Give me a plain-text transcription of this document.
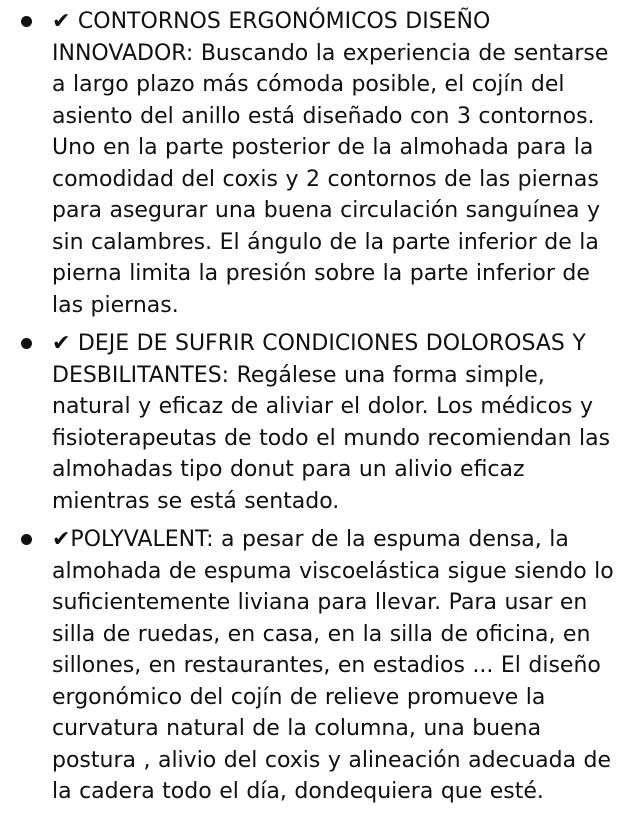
✔ CONTORNOS ERGONÓMICOS DISEÑO INNOVADOR: Buscando la experiencia de sentarse a largo plazo más cómoda posible, el cojín del asiento del anillo está diseñado con 3 contornos. Uno en la parte posterior de la almohada para la comodidad del coxis y 2 contornos de las piernas para asegurar una buena circulación sanguínea y sin calambres. El ángulo de la parte inferior de la pierna limita la presión sobre la parte inferior de las piernas.
✔ DEJE DE SUFRIR CONDICIONES DOLOROSAS Y DESBILITANTES: Regálese una forma simple, natural y eficaz de aliviar el dolor. Los médicos y fisioterapeutas de todo el mundo recomiendan las almohadas tipo donut para un alivio eficaz mientras se está sentado.
✔POLYVALENT: a pesar de la espuma densa, la almohada de espuma viscoelástica sigue siendo lo suficientemente liviana para llevar. Para usar en silla de ruedas, en casa, en la silla de oficina, en sillones, en restaurantes, en estadios ... El diseño ergonómico del cojín de relieve promueve la curvatura natural de la columna, una buena postura , alivio del coxis y alineación adecuada de la cadera todo el día, dondequiera que esté.
